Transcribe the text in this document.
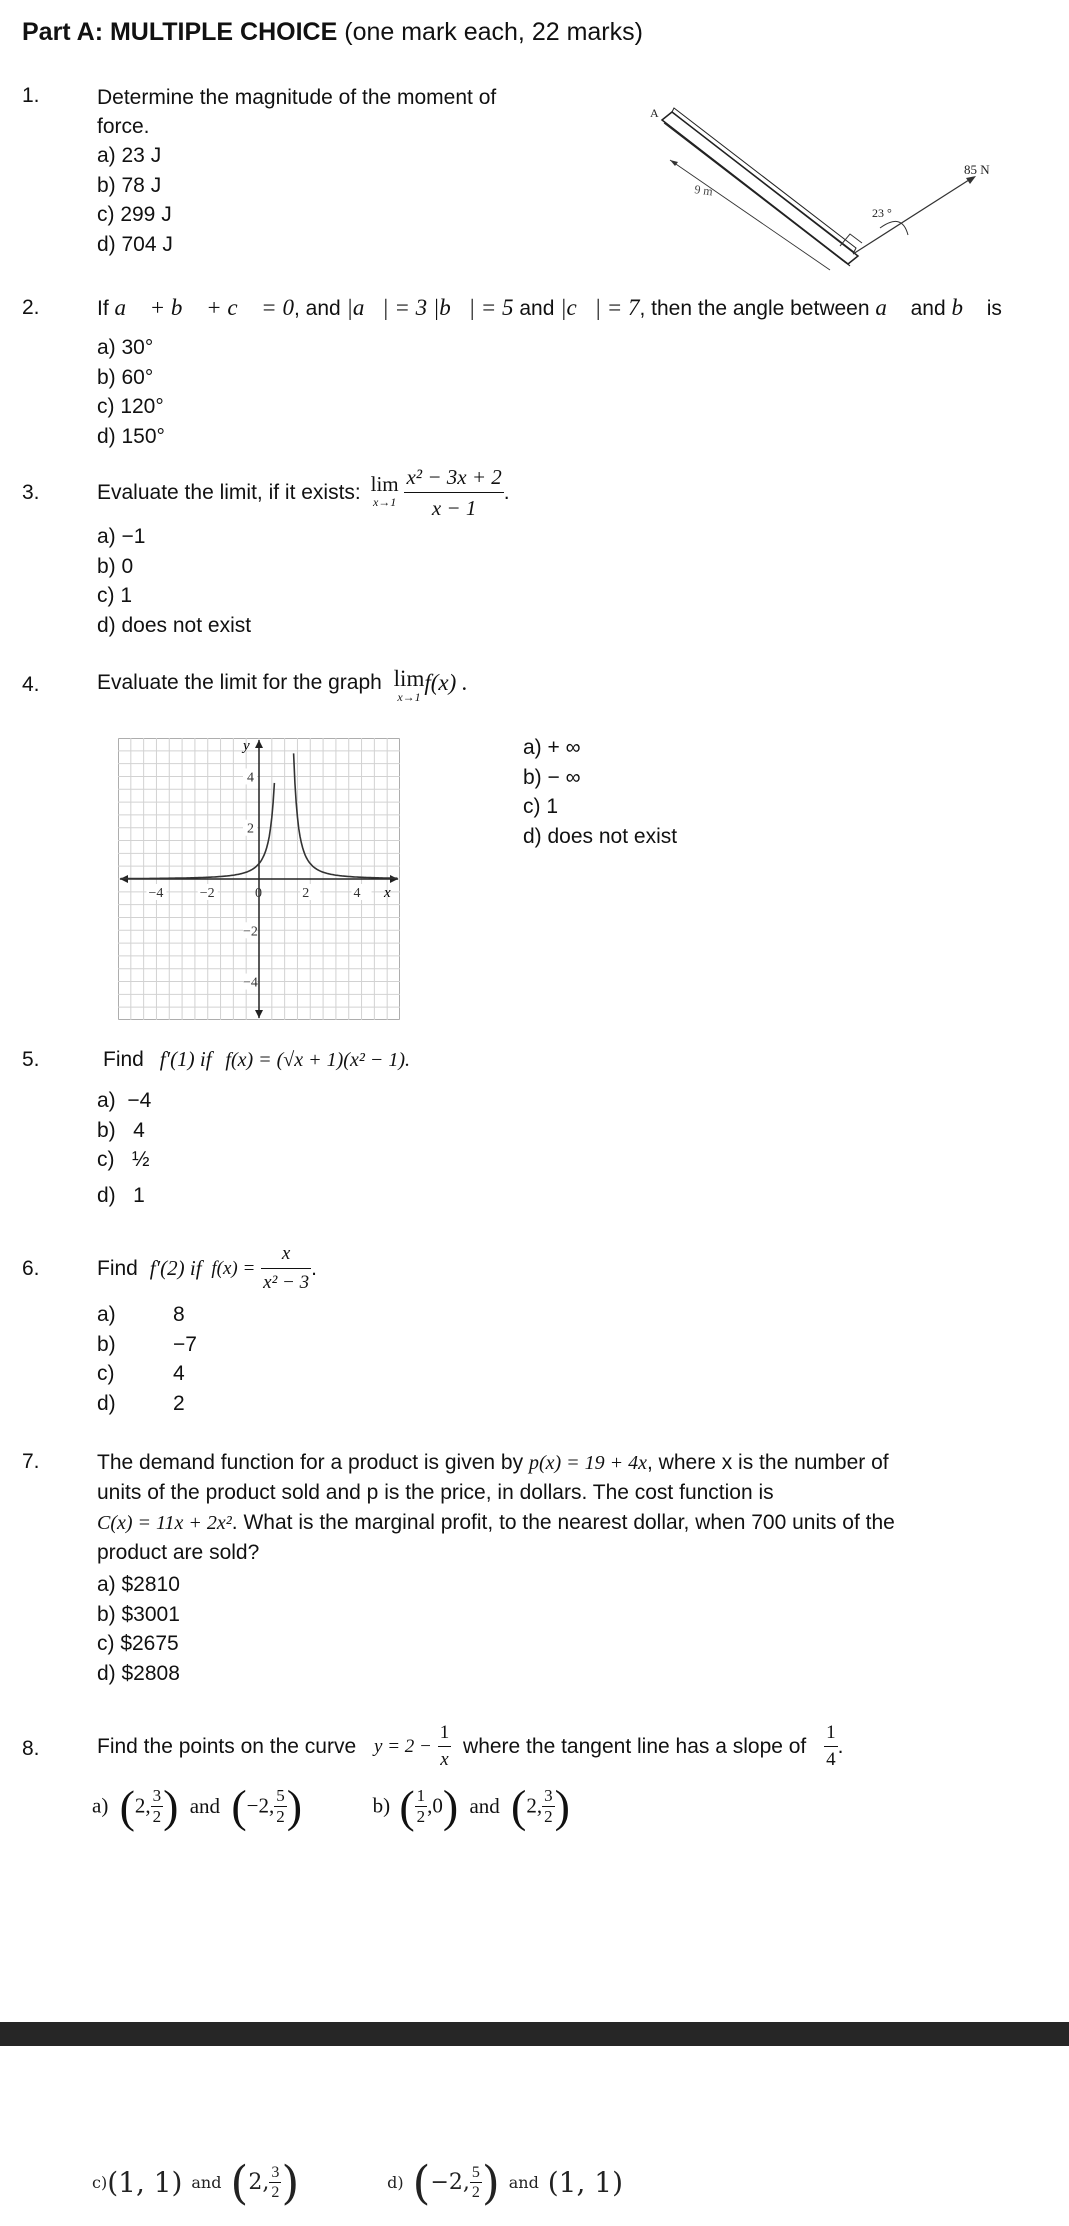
Part A: MULTIPLE CHOICE (one mark each, 22 marks)
1.	Determine the magnitude of the moment of
force.
a) 23 J
b) 78 J
c) 299 J
d) 704 J
A
9 m
85 N
23 °
2.	If a⃗ + b⃗ + c⃗ = 0, and |a⃗| = 3 |b⃗| = 5 and |c⃗| = 7, then the angle between a⃗ and b⃗ is
a) 30°
b) 60°
c) 120°
d) 150°
3.	Evaluate the limit, if it exists: lim
x→1
$\frac{\text{x² − 3x + 2}}{x - 1}$ .
a) −1
b) 0
c) 1
d) does not exist
4.	Evaluate the limit for the graph lim
x→1
f(x) .
−4	−2	0	2	4
4
2
−2
−4
y
x
a) + ∞
b) − ∞
c) 1
d) does not exist
5.	Find f′(1) if f(x) = (√x + 1)(x² − 1).
a)  −4
b)   4
c)   ½
d)   1
6.	Find f′(2) if $f(x) = \frac{x}{\text{x² − 3}}$ .
a)	8
b)	−7
c)	4
d)	2
7.	The demand function for a product is given by p(x) = 19 + 4x, where x is the number of
units of the product sold and p is the price, in dollars. The cost function is
C(x) = 11x + 2x². What is the marginal profit, to the nearest dollar, when 700 units of the
product are sold?
a) $2810
b) $3001
c) $2675
d) $2808
8.	Find the points on the curve $y = 2 - \frac{1}{x}$ where the tangent line has a slope of $\frac{1}{4}$ .
a) (2, $\frac{3}{2}$ ) and (−2, $\frac{5}{2}$ )	b) ( $\frac{1}{2} ,0$) and (2, $\frac{3}{2}$ )
c)(1, 1) and (2, $\frac{3}{2}$ )	d) (−2, $\frac{5}{2}$ ) and (1, 1)
